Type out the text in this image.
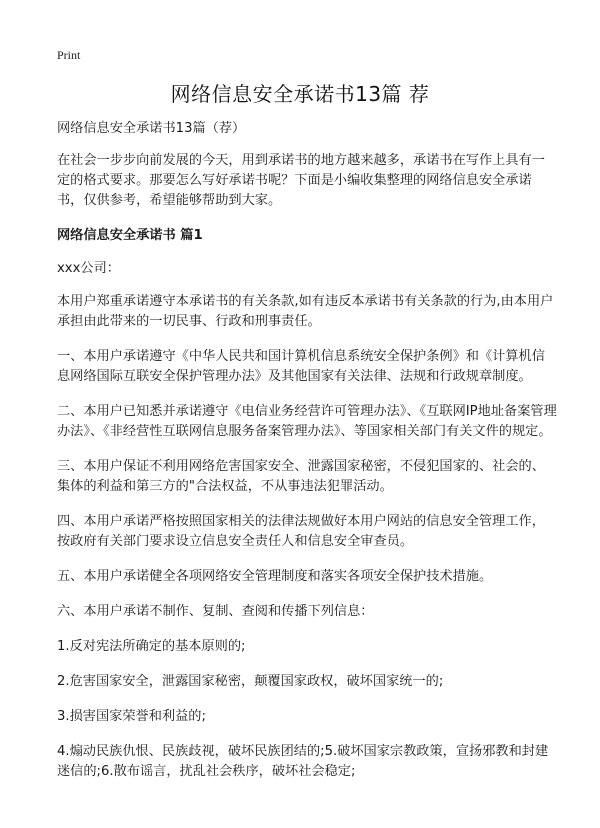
Print
网络信息安全承诺书13篇 荐

网络信息安全承诺书13篇（荐）

在社会一步步向前发展的今天，用到承诺书的地方越来越多，承诺书在写作上具有一定的格式要求。那要怎么写好承诺书呢？下面是小编收集整理的网络信息安全承诺书，仅供参考，希望能够帮助到大家。

网络信息安全承诺书 篇1

xxx公司：

本用户郑重承诺遵守本承诺书的有关条款,如有违反本承诺书有关条款的行为,由本用户承担由此带来的一切民事、行政和刑事责任。

一、本用户承诺遵守《中华人民共和国计算机信息系统安全保护条例》和《计算机信息网络国际互联安全保护管理办法》及其他国家有关法律、法规和行政规章制度。

二、本用户已知悉并承诺遵守《电信业务经营许可管理办法》、《互联网IP地址备案管理办法》、《非经营性互联网信息服务备案管理办法》、等国家相关部门有关文件的规定。

三、本用户保证不利用网络危害国家安全、泄露国家秘密，不侵犯国家的、社会的、集体的利益和第三方的"合法权益，不从事违法犯罪活动。

四、本用户承诺严格按照国家相关的法律法规做好本用户网站的信息安全管理工作，按政府有关部门要求设立信息安全责任人和信息安全审查员。

五、本用户承诺健全各项网络安全管理制度和落实各项安全保护技术措施。

六、本用户承诺不制作、复制、查阅和传播下列信息：

1.反对宪法所确定的基本原则的;

2.危害国家安全，泄露国家秘密，颠覆国家政权，破坏国家统一的;

3.损害国家荣誉和利益的;

4.煽动民族仇恨、民族歧视，破坏民族团结的;5.破坏国家宗教政策，宣扬邪教和封建迷信的;6.散布谣言，扰乱社会秩序，破坏社会稳定;
